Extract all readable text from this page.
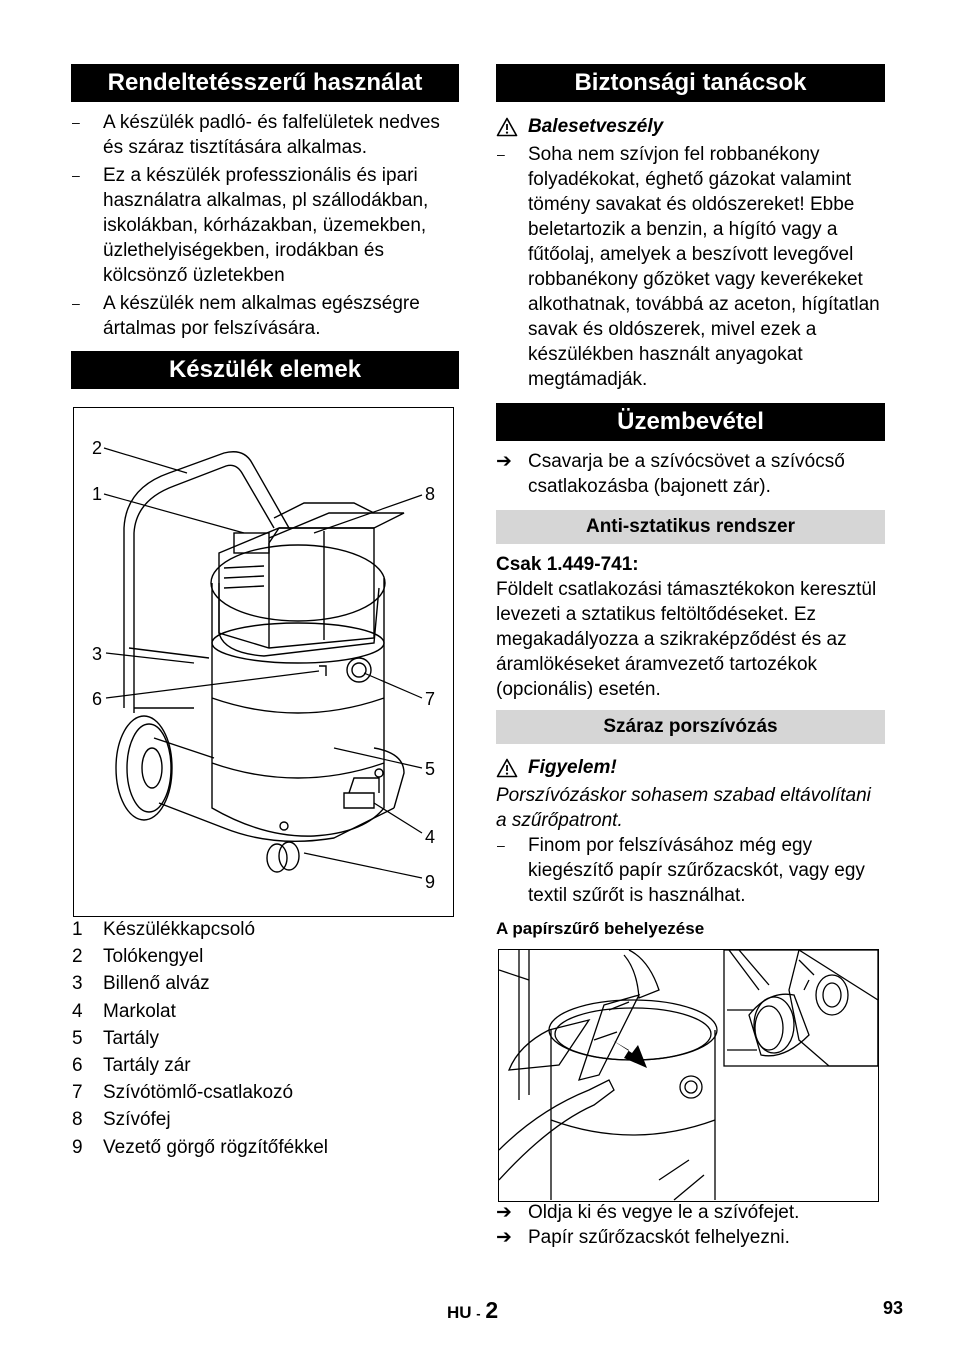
Rendeltetésszerű használat
–	A készülék padló- és falfelületek nedves és száraz tisztítására alkalmas.
–	Ez a készülék professzionális és ipari használatra alkalmas, pl szállodákban, iskolákban, kórházakban, üzemekben, üzlethelyiségekben, irodákban és kölcsönző üzletekben
–	A készülék nem alkalmas egészségre ártalmas por felszívására.
Készülék elemek
2
1	8
3
6	7
5
4
9
1	Készülékkapcsoló
2	Tolókengyel
3	Billenő alváz
4	Markolat
5	Tartály
6	Tartály zár
7	Szívótömlő-csatlakozó
8	Szívófej
9	Vezető görgő rögzítőfékkel
Biztonsági tanácsok
Balesetveszély
–	Soha nem szívjon fel robbanékony folyadékokat, éghető gázokat valamint tömény savakat és oldószereket! Ebbe beletartozik a benzin, a hígító vagy a fűtőolaj, amelyek a beszívott levegővel robbanékony gőzöket vagy keverékeket alkothatnak, továbbá az aceton, hígítatlan savak és oldószerek, mivel ezek a készülékben használt anyagokat megtámadják.
Üzembevétel
➔ Csavarja be a szívócsövet a szívócső csatlakozásba (bajonett zár).
Anti-sztatikus rendszer
Csak 1.449-741:
Földelt csatlakozási támasztékokon keresztül levezeti a sztatikus feltöltődéseket. Ez megakadályozza a szikraképződést és az áramlökéseket áramvezető tartozékok (opcionális) esetén.
Száraz porszívózás
Figyelem!
Porszívózáskor sohasem szabad eltávolítani a szűrőpatront.
–	Finom por felszívásához még egy kiegészítő papír szűrőzacskót, vagy egy textil szűrőt is használhat.
A papírszűrő behelyezése
➔ Oldja ki és vegye le a szívófejet.
➔ Papír szűrőzacskót felhelyezni.
HU - 2	93
